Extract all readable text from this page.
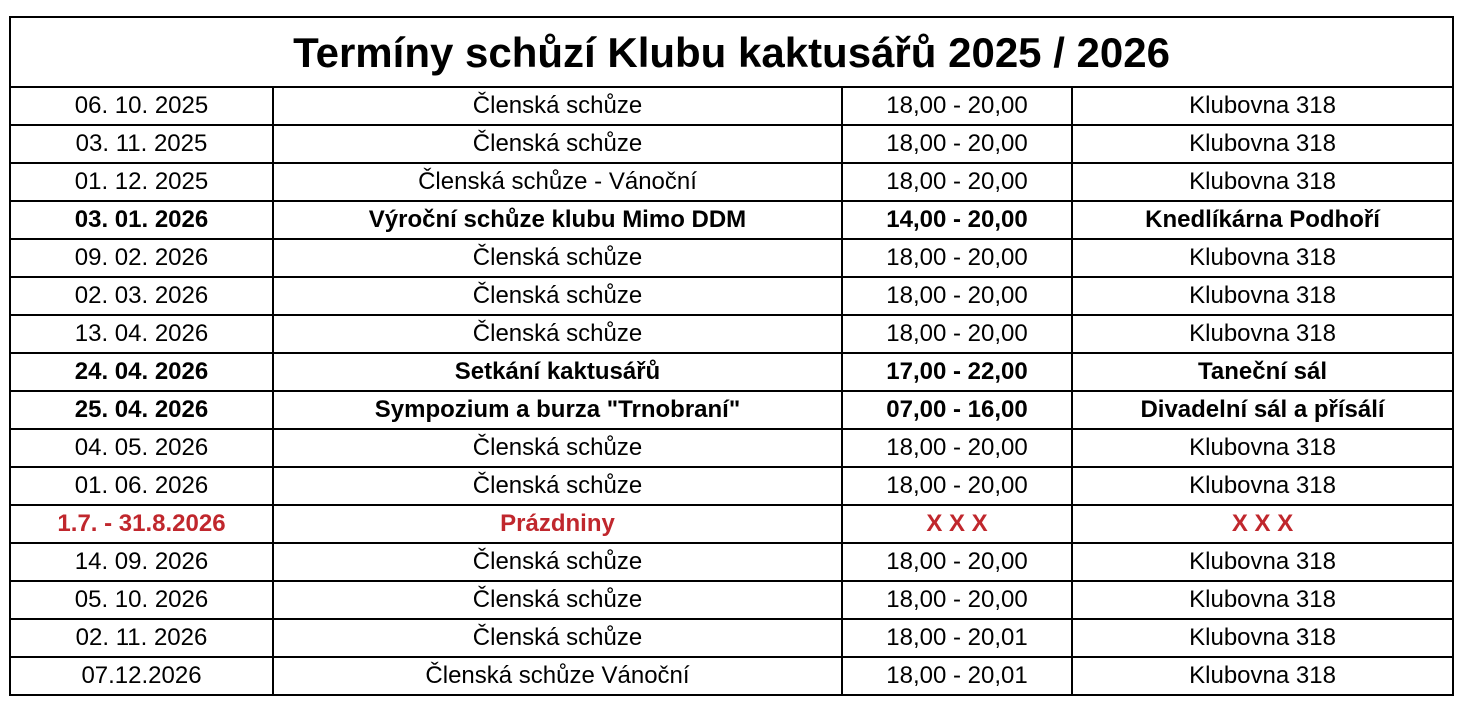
Termíny schůzí Klubu kaktusářů 2025 / 2026			
06. 10. 2025	Členská schůze	18,00 - 20,00	Klubovna 318
03. 11. 2025	Členská schůze	18,00 - 20,00	Klubovna 318
01. 12. 2025	Členská schůze - Vánoční	18,00 - 20,00	Klubovna 318
03. 01. 2026	Výroční schůze klubu Mimo DDM	14,00 - 20,00	Knedlíkárna Podhoří
09. 02. 2026	Členská schůze	18,00 - 20,00	Klubovna 318
02. 03. 2026	Členská schůze	18,00 - 20,00	Klubovna 318
13. 04. 2026	Členská schůze	18,00 - 20,00	Klubovna 318
24. 04. 2026	Setkání kaktusářů	17,00 - 22,00	Taneční sál
25. 04. 2026	Sympozium a burza "Trnobraní"	07,00 - 16,00	Divadelní sál a přísálí
04. 05. 2026	Členská schůze	18,00 - 20,00	Klubovna 318
01. 06. 2026	Členská schůze	18,00 - 20,00	Klubovna 318
1.7. - 31.8.2026	Prázdniny	X X X	X X X
14. 09. 2026	Členská schůze	18,00 - 20,00	Klubovna 318
05. 10. 2026	Členská schůze	18,00 - 20,00	Klubovna 318
02. 11. 2026	Členská schůze	18,00 - 20,01	Klubovna 318
07.12.2026	Členská schůze Vánoční	18,00 - 20,01	Klubovna 318
